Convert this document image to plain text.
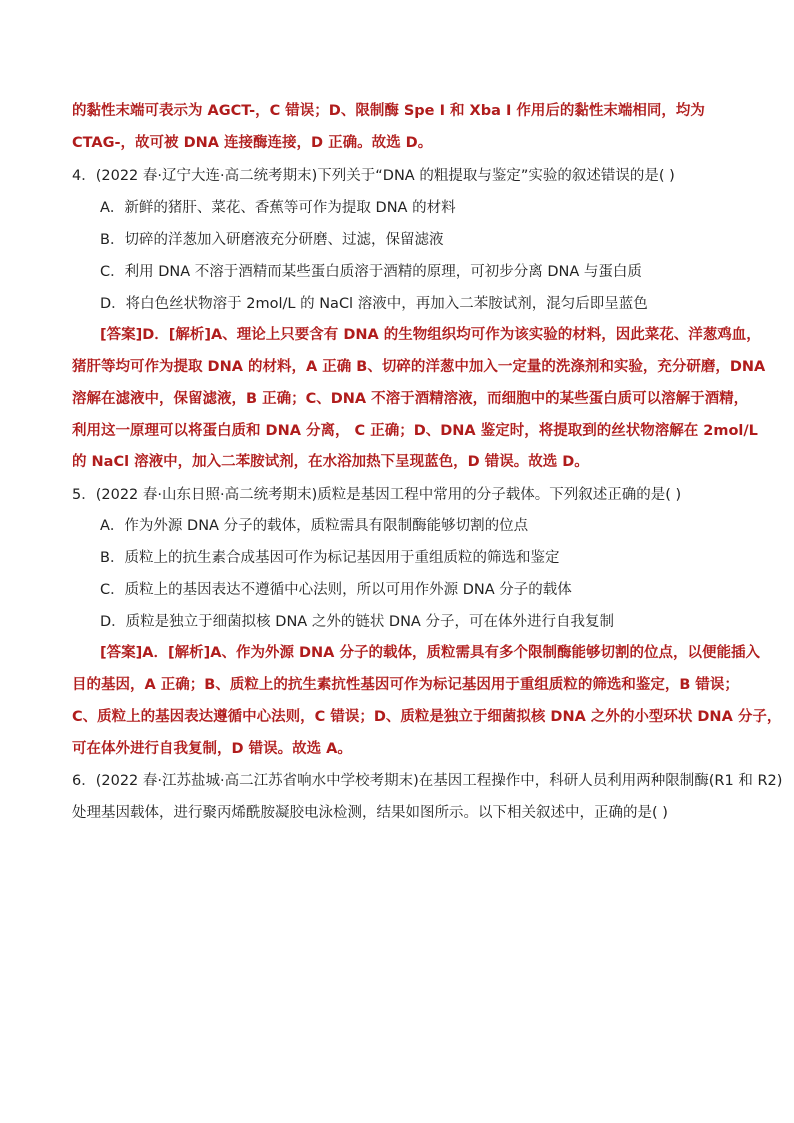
的黏性末端可表示为 AGCT-，C 错误；D、限制酶 Spe I 和 Xba I 作用后的黏性末端相同，均为
CTAG-，故可被 DNA 连接酶连接，D 正确。故选 D。
4．(2022 春·辽宁大连·高二统考期末)下列关于“DNA 的粗提取与鉴定”实验的叙述错误的是( )
A．新鲜的猪肝、菜花、香蕉等可作为提取 DNA 的材料
B．切碎的洋葱加入研磨液充分研磨、过滤，保留滤液
C．利用 DNA 不溶于酒精而某些蛋白质溶于酒精的原理，可初步分离 DNA 与蛋白质
D．将白色丝状物溶于 2mol/L 的 NaCl 溶液中，再加入二苯胺试剂，混匀后即呈蓝色
[答案]D．[解析]A、理论上只要含有 DNA 的生物组织均可作为该实验的材料，因此菜花、洋葱鸡血，
猪肝等均可作为提取 DNA 的材料，A 正确 B、切碎的洋葱中加入一定量的洗涤剂和实验，充分研磨，DNA
溶解在滤液中，保留滤液，B 正确；C、DNA 不溶于酒精溶液，而细胞中的某些蛋白质可以溶解于酒精，
利用这一原理可以将蛋白质和 DNA 分离， C 正确；D、DNA 鉴定时，将提取到的丝状物溶解在 2mol/L
的 NaCl 溶液中，加入二苯胺试剂，在水浴加热下呈现蓝色，D 错误。故选 D。
5．(2022 春·山东日照·高二统考期末)质粒是基因工程中常用的分子载体。下列叙述正确的是( )
A．作为外源 DNA 分子的载体，质粒需具有限制酶能够切割的位点
B．质粒上的抗生素合成基因可作为标记基因用于重组质粒的筛选和鉴定
C．质粒上的基因表达不遵循中心法则，所以可用作外源 DNA 分子的载体
D．质粒是独立于细菌拟核 DNA 之外的链状 DNA 分子，可在体外进行自我复制
[答案]A．[解析]A、作为外源 DNA 分子的载体，质粒需具有多个限制酶能够切割的位点，以便能插入
目的基因，A 正确；B、质粒上的抗生素抗性基因可作为标记基因用于重组质粒的筛选和鉴定，B 错误；
C、质粒上的基因表达遵循中心法则，C 错误；D、质粒是独立于细菌拟核 DNA 之外的小型环状 DNA 分子，
可在体外进行自我复制，D 错误。故选 A。
6．(2022 春·江苏盐城·高二江苏省响水中学校考期末)在基因工程操作中，科研人员利用两种限制酶(R1 和 R2)
处理基因载体，进行聚丙烯酰胺凝胶电泳检测，结果如图所示。以下相关叙述中，正确的是( )
